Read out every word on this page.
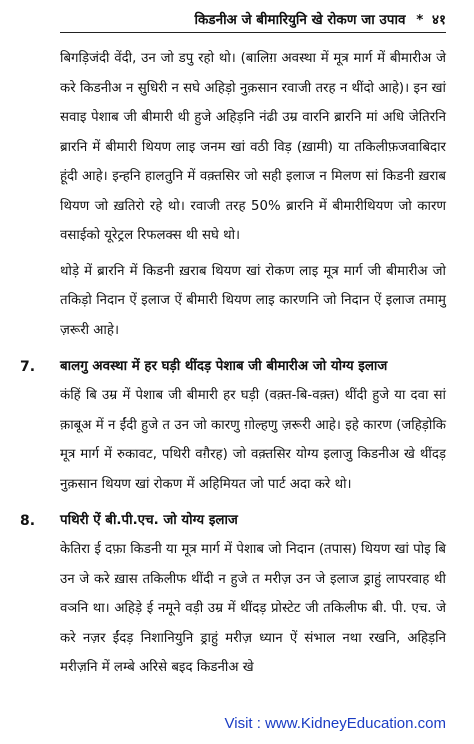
किडनीअ जे बीमारियुनि खे रोकण जा उपाव * ४१

बिगड़िजंदी वेंदी, उन जो डपु रहो थो। (बालिग़ अवस्था में मूत्र मार्ग में बीमारीअ जे करे किडनीअ न सुधिरी न सघे अहिड़ो नुक़सान रवाजी तरह न थींदो आहे)। इन खां सवाइ पेशाब जी बीमारी थी हुजे अहिड़नि नंढी उम्र वारनि ब्रारनि मां अधि जेतिरनि ब्रारनि में बीमारी थियण लाइ जनम खां वठी विड़ (ख़ामी) या तकिलीफ़जवाबिदार हूंदी आहे। इन्हनि हालतुनि में वक़्तसिर जो सही इलाज न मिलण सां किडनी ख़राब थियण जो ख़तिरो रहे थो। रवाजी तरह 50% ब्रारनि में बीमारीथियण जो कारण वसाईको यूरेट्रल रिफलक्स थी सघे थो।

थोड़े में ब्रारनि में किडनी ख़राब थियण खां रोकण लाइ मूत्र मार्ग जी बीमारीअ जो तकिड़ो निदान ऐं इलाज ऐं बीमारी थियण लाइ कारणनि जो निदान ऐं इलाज तमामु ज़रूरी आहे।

7. बालगु अवस्था में हर घड़ी थींदड़ पेशाब जी बीमारीअ जो योग्य इलाज

कंहिं बि उम्र में पेशाब जी बीमारी हर घड़ी (वक़्त-बि-वक़्त) थींदी हुजे या दवा सां क़ाबूअ में न ईंदी हुजे त उन जो कारणु ग़ोल्हणु ज़रूरी आहे। इहे कारण (जहिड़ोकि मूत्र मार्ग में रुकावट, पथिरी वग़ैरह) जो वक़्तसिर योग्य इलाजु किडनीअ खे थींदड़ नुक़सान थियण खां रोकण में अहिमियत जो पार्ट अदा करे थो।

8. पथिरी ऐं बी.पी.एच. जो योग्य इलाज

केतिरा ई दफ़ा किडनी या मूत्र मार्ग में पेशाब जो निदान (तपास) थियण खां पोइ बि उन जे करे ख़ास तकिलीफ थींदी न हुजे त मरीज़ उन जे इलाज ड्राहुं लापरवाह थी वञनि था। अहिड़े ई नमूने वड़ी उम्र में थींदड़ प्रोस्टेट जी तकिलीफ बी. पी. एच. जे करे नज़र ईंदड़ निशानियुनि ड्राहुं मरीज़ ध्यान ऐं संभाल नथा रखनि, अहिड़नि मरीज़नि में लम्बे अरिसे बइद किडनीअ खे

Visit : www.KidneyEducation.com
